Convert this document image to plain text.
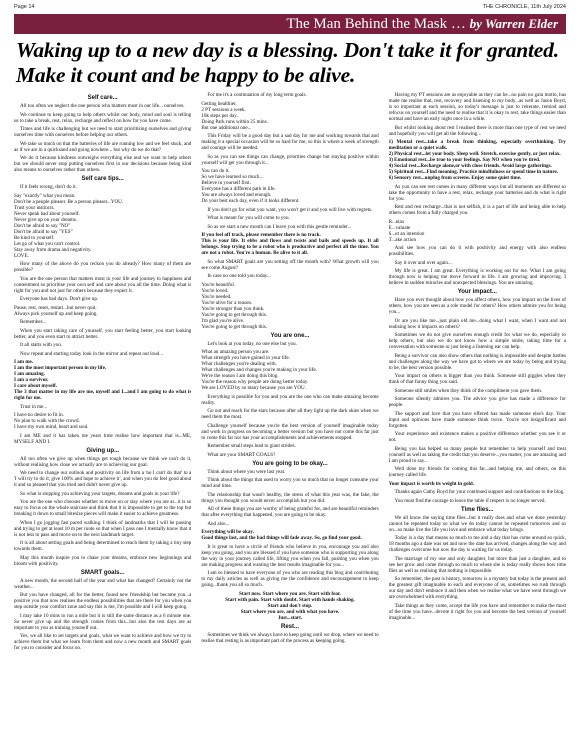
Page 14	THE CHRONICLE, 11th July 2024
The Man Behind the Mask … by Warren Elder
Waking up to a new day is a blessing. Don't take it for granted. Make it count and be happy to be alive.
Self care...

All too often we neglect the one person who matters most in our life... ourselves.

We continue to keep going to help others whilst our body, mind and soul is telling us to take a break, rest, relax, recharge and reflect on how far you have come.

Times and life is challenging but we need to start prioritising ourselves and giving ourselves time with ourselves before helping our others.

We take so much on that the batteries of life are running low and we feel stuck, and as if we are in a quicksand and going nowhere... but why do we do that?

We do it because kindness outweighs everything else and we want to help others but we should never stop putting ourselves first in our decisions because being kind also means to ourselves rather than others.

Self care tips...

If it feels wrong, don't do it.

Say "exactly" what you mean.
Don't be a people pleaser. Be a person pleaser...YOU.
Trust your instincts.
Never speak bad about yourself.
Never give up on your dreams.
Don't be afraid to say "NO"
Don't be afraid to say "YES"
Be kind to yourself.
Let go of what you can't control.
Stay away from drama and negativity.
LOVE.

How many of the above do you reckon you do already? How many of them are possible?

You are the one person that matters most in your life and journey to happiness and contentment so prioritise your own self and care about you all the time. Doing what is right for you and not just for others because they expect it.

Everyone has bad days. Don't give up.

Pause, rest, reset, restart...but never quit.
Always pick yourself up and keep going.

Remember...

When you start taking care of yourself, you start feeling better, you start looking better, and you even start to attract better.

It all starts with you.

Now repeat and starting today look in the mirror and repeat out loud...

I am me.
I am the most important person in my life.
I am amazing.
I am a survivor.
I care about myself.
The 3 that matter in my life are me, myself and I...and I am going to do what is right for me.

Trust in me...

I have no desire to fit in.
No plan to walk with the crowd.
I have my own mind, heart and soul.

I am ME and it has taken me years time realise how important that is...ME, MYSELF AND I.

Giving up...

All too often we give up when things get tough because we think we can't do it, without realising how close we actually are to achieving our goal.

We need to change our outlook and positivity on life from a 'no I can't do that' to a 'I will try to do it, give 100% and hope to achieve it', and when you do feel good about it and so pleased that you tried and didn't never give up.

So what is stopping you achieving your targets, dreams and goals in your life?

You are the one who chooses whether to move on or stay where you are at...it is so easy to focus on the whole staircase and think that it is impossible to get to the top but breaking it down to small bitesize pieces will make it easier to achieve greatness.

When I go jogging fast paced walking. I think of landmarks that I will be passing and trying to get at least 10 m per route so that when I pass one I mentally know that it is not less to pass and move on to the next landmark target.

It is all about setting goals and being determined to reach them by taking a tiny step towards them.

May this month inspire you to chase your dreams, embrace new beginnings and bloom with positivity.

SMART goals...

A new month, the second half of the year and what has changed? Certainly not the weather...

But you have changed, all for the better, found new friendship but became you...a positive you that now realises the endless possibilities that are there for you when you step outside your comfort zone and say this is me, I'm possible and I will keep going.

I may take 10 mins to run a mile but it is still the same distance as a 6 minute one. So never give up and the strength comes from this...but also the rest days are as important to you as training yourself out.

Yes, we all like to set targets and goals, what we want to achieve and how we try to achieve them but what we learn from them and now a new month and SMART goals for you to consider and focus on.

For me it's a continuation of my long term goals.

Getting healthier.
2 PT sessions a week.
10k steps per day.
Doing Park runs within 25 mins.
But one additional one...

This Friday will be a good day but a sad day for me and working towards that and making it a special occasion will be so hard for me, so this is where a week of strength and courage will be needed.

So as you can see things can change, priorities change but staying positive within yourself will get you through it...

You can do it.
So we have learned so much...
Believe in yourself first.
Everyone has a different path in life.
You are always loved and enough.
Do your best each day, even if it looks different.

If you don't go for what you want, you won't get it and you will live with regrets.

What is meant for you will come to you.

So as we start a new month can I leave you with this gentle reminder...

If you feel off track, please remember there is no track.
This is your life. It ebbs and flows and twists and bails and speeds up. It all belongs. Stop trying to be a robot who is productive and perfect all the time. You are not a robot. You're a human. Be alive to it all.

So what SMART goals are you setting off the month with? What growth will you see come August?

In case no one told you today...

You're beautiful.
You're loved.
You're needed.
You're alive for a reason.
You're stronger than you think.
You're going to get through this.
I'm glad you're alive.
You're going to get through this.
You are one...

Let's look at you today, no one else but you.

What an amazing person you are.
What strength you have gained in your life.
What challenges you're dealing with.
What challenges and changes you're making in your life.
We're the reason I am doing this blog.
You're the reason why people are doing better today.
We are LOVED by so many because you are YOU.

Everything is possible for you and you are the one who can make amazing become reality.

Go out and reach for the stars because after all they light up the dark skies when we need them the most.

Challenge yourself because you're the best version of yourself imaginable today and work in progress on becoming a better version but you have not come this far just to come this far nor has your accomplishments and achievements stopped.

Remember small steps lead to giant strides.

What are your SMART GOALS?

You are going to be okay...

Think about where you were last year.

Think about the things that used to worry you so much that no longer consume your mind and time.

The relationship that wasn't healthy, the stress of what this year was, the fake, the things you thought you would never accomplish but you did.

All of these things you are worthy of being grateful for, and are beautiful reminders that after everything that happened, you are going to be okay.

And also...

Everything will be okay.
Good things last, and the bad things will fade away. So, go find your good.

It is great to have a circle of friends who believe in you, encourage you and also keep you going, and you are blessed if you have someone who is supporting you along the way in your journey called life, lifting you when you fall, pushing you when you are making progress and wanting the best results imaginable for you...

I am so blessed to have everyone of you who are reading this blog and contributing to my daily articles as well as giving me the confidence and encouragement to keep going...thank you all so much.

Start now. Start where you are. Start with fear.
Start with pain. Start with doubt. Start with hands shaking.
Start and don't stop.
Start where you are, and with what you have.
Just...start.
Rest...

Sometimes we think we always have to keep going until we drop, where we need to realise that resting is as important part of the process as keeping going.

Having my PT sessions are as enjoyable as they can be...no pain no gain motto, has made me realise that, rest, recovery and listening to my body...as well as Jason Boyd, is so important at each session, so today's message is just to reiterate, remind and refocus on yourself and the need to realise that it is okay to rest, take things easier than normal and have an early night once in a while.

But whilst looking about rest I realised there is more than one type of rest we need and hopefully you will get all the following...

1) Mental rest...take a break from thinking, especially overthinking. Try meditation or a quiet walk.
2) Physical rest...let your body. Sleep well. Stretch, exercise gently, or just relax.
3) Emotional rest...be true to your feelings. Say NO when you're tired.
4) Social rest...Recharge alone,or with close friends. Avoid large gatherings.
5) Spiritual rest...Find meaning. Practice mindfulness or spend time in nature.
6) Sensory rest...unplug from screens. Enjoy some quiet time.

As you can see rest comes in many different ways but all moments are different so take the opportunity to have a rest, relax, recharge your batteries and do what is right for you.

Rest and rest recharge...that is not selfish, it is a part of life and being able to help others comes from a fully charged you.

R...elax
E...valuate
S...et an intention
T...ake action

And see how you can do it with positivity and energy with also endless possibilities.

Say it over and over again...

My life is great. I am great. Everything is working out for me. What I am going through now is helping me move forward in life. I am growing and improving. I believe in sudden miracles and unexpected blessings. You are amazing.

Your impact...

Have you ever thought about how you affect others, how you impact on the lives of others, how you are seen as a role model for others? How others admire you for being you...

Or are you like me...just plain old me...doing what I want, when I want and not realising how it impacts on others?

Sometimes we do not give ourselves enough credit for what we do, especially to help others, but also we do not know how a simple smile, taking time for a conversation with someone or just being a listening ear can help.

Being a survivor can also show others that nothing is impossible and despite battles and challenges along the way we have got to where we are today by being and trying to be, the best version possible.

Your impact on others is bigger than you think. Someone still giggles when they think of that funny thing you said.

Someone still smiles when they think of the compliment you gave them.

Someone silently admires you. The advice you give has made a difference for people.

The support and love that you have offered has made someone else's day. Your input and opinions have made someone think twice. You're not insignificant and forgotten.

Your experience and existence makes a positive difference whether you see it or not.

Being you has helped so many people but remember to help yourself and treat yourself as well as taking the credit that you deserve...you matter, you are amazing and I am proud to say...

Well done my friends for coming this far...and helping me, and others, on this journey called life.

Your impact is worth its weight in gold.

Thanks again Cathy Boyd for your continued support and contributions to the blog.

You must find the courage to leave the table if respect is no longer served.

Time flies...

We all know the saying time flies...but it really does and what we done yesterday cannot be repeated today so what we do today cannot be repeated tomorrow and so on...so make live the life you love and embrace what today brings.

Today is a day that means so much to me and a day that has come around so quick, 18 months ago a date was set and now the date has arrived, changes along the way and challenges overcome but now the day is waiting for us today.

The marriage of my one and only daughter, but more than just a daughter, and to see her grow and come through so much to where she is today really shows how time flies as well as realising that nothing is impossible.

So remember, the past is history, tomorrow is a mystery but today is the present and the greatest gift imaginable to each and everyone of us, sometimes we rush through our day and don't embrace it and then when we realise what we have went through we are overwhelmed with everything.

Take things as they come, accept the life you have and remember to make the most of the time you have...devote it right for you and become the best version of yourself imaginable...
